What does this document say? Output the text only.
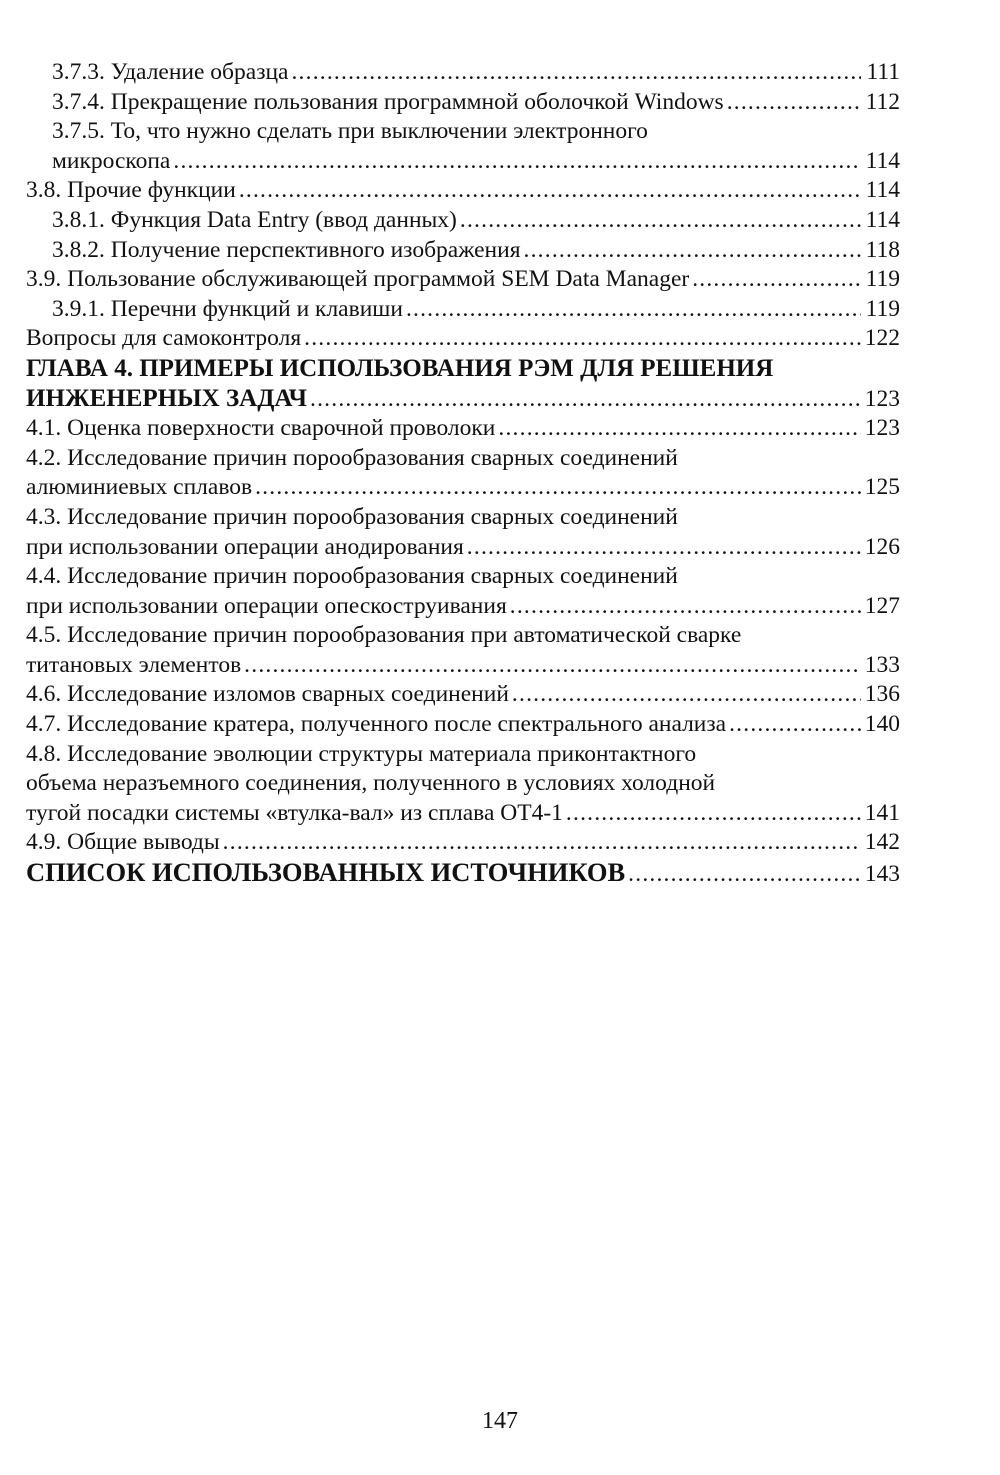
3.7.3. Удаление образца .....	111
3.7.4. Прекращение пользования программной оболочкой Windows .....	112
3.7.5. То, что нужно сделать при выключении электронного
микроскопа .....	114
3.8. Прочие функции .....	114
3.8.1. Функция Data Entry (ввод данных) .....	114
3.8.2. Получение перспективного изображения .....	118
3.9. Пользование обслуживающей программой SEM Data Manager .....	119
3.9.1. Перечни функций и клавиши .....	119
Вопросы для самоконтроля .....	122
ГЛАВА 4. ПРИМЕРЫ ИСПОЛЬЗОВАНИЯ РЭМ ДЛЯ РЕШЕНИЯ
ИНЖЕНЕРНЫХ ЗАДАЧ .....	123
4.1. Оценка поверхности сварочной проволоки .....	123
4.2. Исследование причин порообразования сварных соединений
алюминиевых сплавов .....	125
4.3. Исследование причин порообразования сварных соединений
при использовании операции анодирования .....	126
4.4. Исследование причин порообразования сварных соединений
при использовании операции опескоструивания .....	127
4.5. Исследование причин порообразования при автоматической сварке
титановых элементов .....	133
4.6. Исследование изломов сварных соединений .....	136
4.7. Исследование кратера, полученного после спектрального анализа .....	140
4.8. Исследование эволюции структуры материала приконтактного
объема неразъемного соединения, полученного в условиях холодной
тугой посадки системы «втулка-вал» из сплава ОТ4-1 .....	141
4.9. Общие выводы .....	142
СПИСОК ИСПОЛЬЗОВАННЫХ ИСТОЧНИКОВ .....	143
147
